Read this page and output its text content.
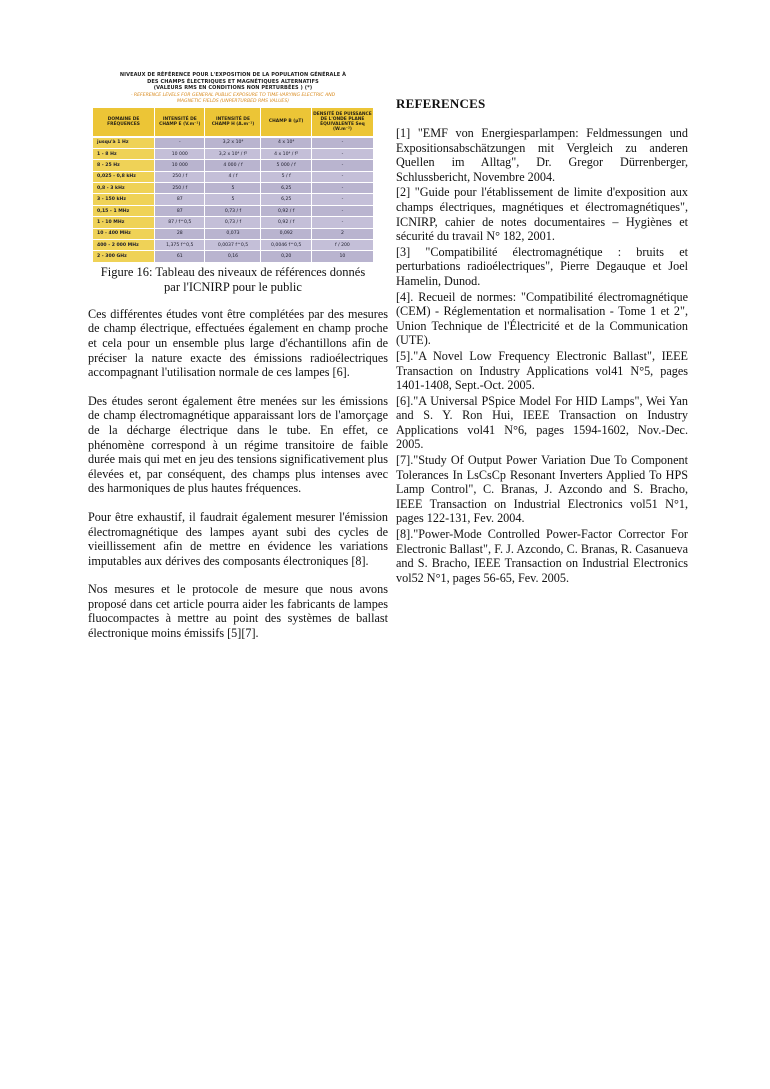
NIVEAUX DE RÉFÉRENCE POUR L'EXPOSITION DE LA POPULATION GÉNÉRALE À
DES CHAMPS ÉLECTRIQUES ET MAGNÉTIQUES ALTERNATIFS
(VALEURS RMS EN CONDITIONS NON PERTURBÉES ) (*)
- REFERENCE LEVELS FOR GENERAL PUBLIC EXPOSURE TO TIME-VARYING ELECTRIC AND
MAGNETIC FIELDS (UNPERTURBED RMS VALUES)
DOMAINE DE FRÉQUENCES	INTENSITÉ DE CHAMP E (V.m⁻¹)	INTENSITÉ DE CHAMP H (A.m⁻¹)	CHAMP B (µT)	DENSITÉ DE PUISSANCE DE L'ONDE PLANE ÉQUIVALENTE Seq (W.m⁻²)
jusqu'à 1 Hz	-	3,2 x 10⁴	4 x 10⁴	-
1 - 8 Hz	10 000	3,2 x 10⁴ / f²	4 x 10⁴ / f²	-
8 - 25 Hz	10 000	4 000 / f	5 000 / f	-
0,025 - 0,8 kHz	250 / f	4 / f	5 / f	-
0,8 - 3 kHz	250 / f	5	6,25	-
3 - 150 kHz	87	5	6,25	-
0,15 - 1 MHz	87	0,73 / f	0,92 / f	-
1 - 10 MHz	87 / f^0,5	0,73 / f	0,92 / f	-
10 - 400 MHz	28	0,073	0,092	2
400 - 2 000 MHz	1,375 f^0,5	0,0037 f^0,5	0,0046 f^0,5	f / 200
2 - 300 GHz	61	0,16	0,20	10
Figure 16: Tableau des niveaux de références donnés
par l'ICNIRP pour le public

Ces différentes études vont être complétées par des mesures de champ électrique, effectuées également en champ proche et cela pour un ensemble plus large d'échantillons afin de préciser la nature exacte des émissions radioélectriques accompagnant l'utilisation normale de ces lampes [6].

Des études seront également être menées sur les émissions de champ électromagnétique apparaissant lors de l'amorçage de la décharge électrique dans le tube. En effet, ce phénomène correspond à un régime transitoire de faible durée mais qui met en jeu des tensions significativement plus élevées et, par conséquent, des champs plus intenses avec des harmoniques de plus hautes fréquences.

Pour être exhaustif, il faudrait également mesurer l'émission électromagnétique des lampes ayant subi des cycles de vieillissement afin de mettre en évidence les variations imputables aux dérives des composants électroniques [8].

Nos mesures et le protocole de mesure que nous avons proposé dans cet article pourra aider les fabricants de lampes fluocompactes à mettre au point des systèmes de ballast électronique moins émissifs [5][7].

REFERENCES
[1] "EMF von Energiesparlampen: Feldmessungen und Expositionsabschätzungen mit Vergleich zu anderen Quellen im Alltag", Dr. Gregor Dürrenberger, Schlussbericht, Novembre 2004.
[2] "Guide pour l'établissement de limite d'exposition aux champs électriques, magnétiques et électromagnétiques", ICNIRP, cahier de notes documentaires – Hygiènes et sécurité du travail N° 182, 2001.
[3] "Compatibilité électromagnétique : bruits et perturbations radioélectriques", Pierre Degauque et Joel Hamelin, Dunod.
[4]. Recueil de normes: "Compatibilité électromagnétique (CEM) - Réglementation et normalisation - Tome 1 et 2", Union Technique de l'Électricité et de la Communication (UTE).
[5]."A Novel Low Frequency Electronic Ballast", IEEE Transaction on Industry Applications vol41 N°5, pages 1401-1408, Sept.-Oct. 2005.
[6]."A Universal PSpice Model For HID Lamps", Wei Yan and S. Y. Ron Hui, IEEE Transaction on Industry Applications vol41 N°6, pages 1594-1602, Nov.-Dec. 2005.
[7]."Study Of Output Power Variation Due To Component Tolerances In LsCsCp Resonant Inverters Applied To HPS Lamp Control", C. Branas, J. Azcondo and S. Bracho, IEEE Transaction on Industrial Electronics vol51 N°1, pages 122-131, Fev. 2004.
[8]."Power-Mode Controlled Power-Factor Corrector For Electronic Ballast", F. J. Azcondo, C. Branas, R. Casanueva and S. Bracho, IEEE Transaction on Industrial Electronics vol52 N°1, pages 56-65, Fev. 2005.
